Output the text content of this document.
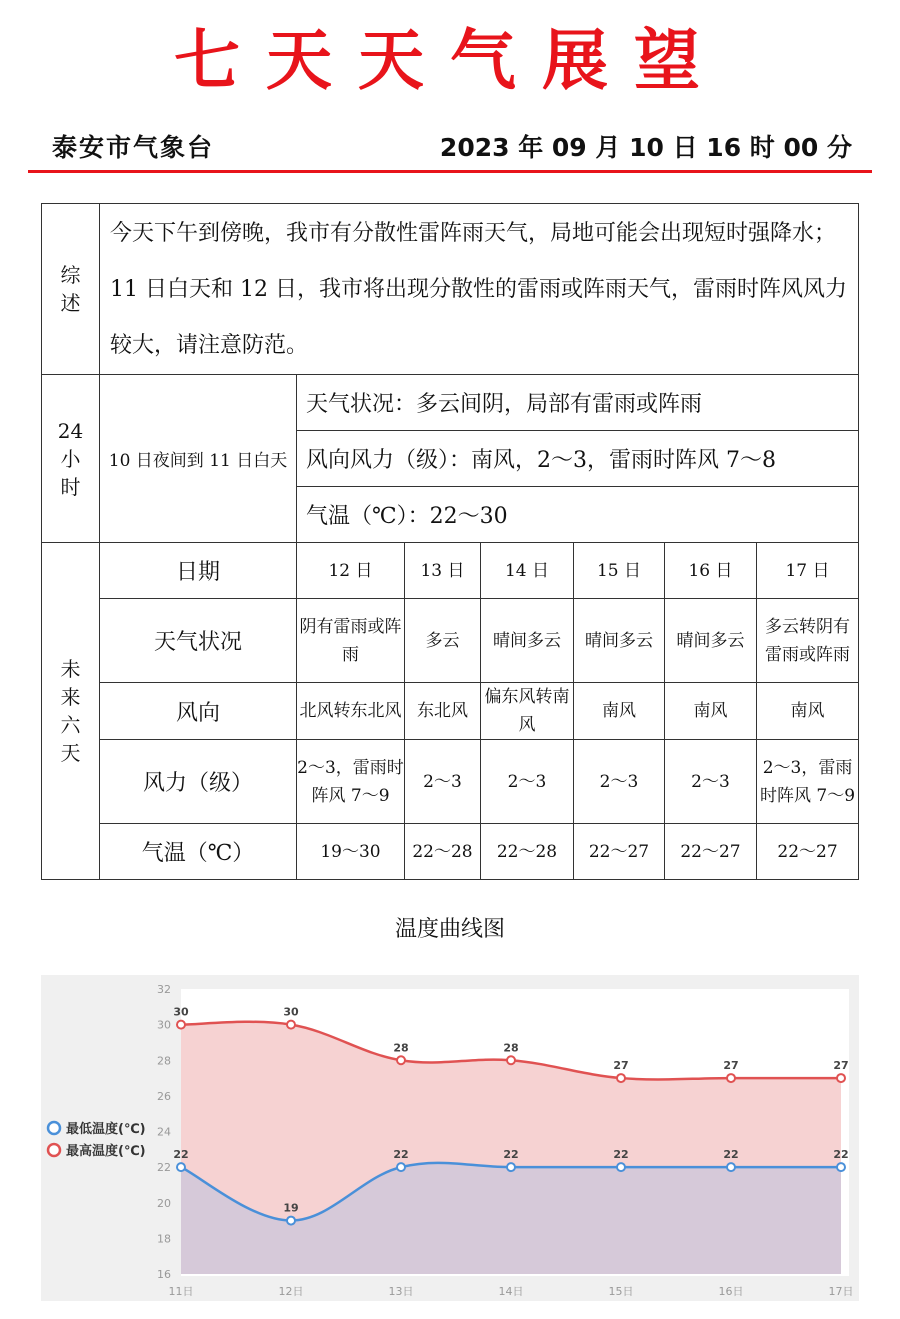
七天天气展望
泰安市气象台	2023 年 09 月 10 日 16 时 00 分
综
述	今天下午到傍晚，我市有分散性雷阵雨天气，局地可能会出现短时强降水；11 日白天和 12 日，我市将出现分散性的雷雨或阵雨天气，雷雨时阵风风力较大，请注意防范。						
24
小
时	10 日夜间到 11 日白天	天气状况：多云间阴，局部有雷雨或阵雨					
		风向风力（级）：南风，2～3，雷雨时阵风 7～8					
		气温（℃）：22～30					
未
来
六
天	日期	12 日	13 日	14 日	15 日	16 日	17 日
	天气状况	阴有雷雨或阵雨	多云	晴间多云	晴间多云	晴间多云	多云转阴有雷雨或阵雨
	风向	北风转东北风	东北风	偏东风转南风	南风	南风	南风
	风力（级）	2～3，雷雨时阵风 7～9	2～3	2～3	2～3	2～3	2～3，雷雨时阵风 7～9
	气温（℃）	19～30	22～28	22～28	22～27	22～27	22～27
温度曲线图
22
19
22	22	22	22	22
30	30
28	28
27	27	27
16
18
20
22
24
26
28
30
32
11日	12日	13日	14日	15日	16日	17日
最低温度(℃)
最高温度(℃)
